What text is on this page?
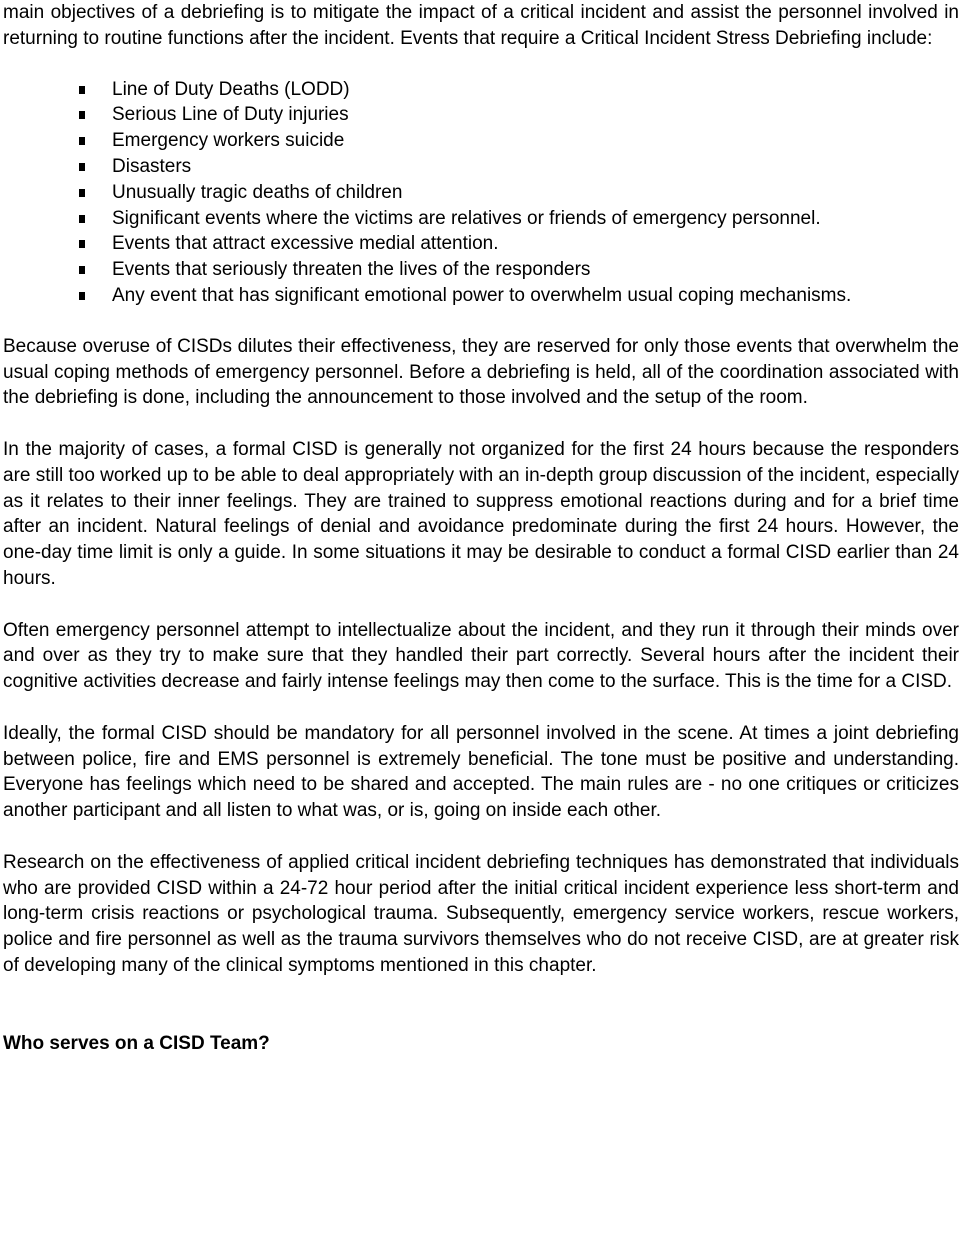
main objectives of a debriefing is to mitigate the impact of a critical incident and assist the personnel involved in returning to routine functions after the incident. Events that require a Critical Incident Stress Debriefing include:

Line of Duty Deaths (LODD)
Serious Line of Duty injuries
Emergency workers suicide
Disasters
Unusually tragic deaths of children
Significant events where the victims are relatives or friends of emergency personnel.
Events that attract excessive medial attention.
Events that seriously threaten the lives of the responders
Any event that has significant emotional power to overwhelm usual coping mechanisms.

Because overuse of CISDs dilutes their effectiveness, they are reserved for only those events that overwhelm the usual coping methods of emergency personnel. Before a debriefing is held, all of the coordination associated with the debriefing is done, including the announcement to those involved and the setup of the room.

In the majority of cases, a formal CISD is generally not organized for the first 24 hours because the responders are still too worked up to be able to deal appropriately with an in-depth group discussion of the incident, especially as it relates to their inner feelings. They are trained to suppress emotional reactions during and for a brief time after an incident. Natural feelings of denial and avoidance predominate during the first 24 hours. However, the one-day time limit is only a guide. In some situations it may be desirable to conduct a formal CISD earlier than 24 hours.

Often emergency personnel attempt to intellectualize about the incident, and they run it through their minds over and over as they try to make sure that they handled their part correctly. Several hours after the incident their cognitive activities decrease and fairly intense feelings may then come to the surface. This is the time for a CISD.

Ideally, the formal CISD should be mandatory for all personnel involved in the scene. At times a joint debriefing between police, fire and EMS personnel is extremely beneficial. The tone must be positive and understanding. Everyone has feelings which need to be shared and accepted. The main rules are - no one critiques or criticizes another participant and all listen to what was, or is, going on inside each other.

Research on the effectiveness of applied critical incident debriefing techniques has demonstrated that individuals who are provided CISD within a 24-72 hour period after the initial critical incident experience less short-term and long-term crisis reactions or psychological trauma. Subsequently, emergency service workers, rescue workers, police and fire personnel as well as the trauma survivors themselves who do not receive CISD, are at greater risk of developing many of the clinical symptoms mentioned in this chapter.

Who serves on a CISD Team?
